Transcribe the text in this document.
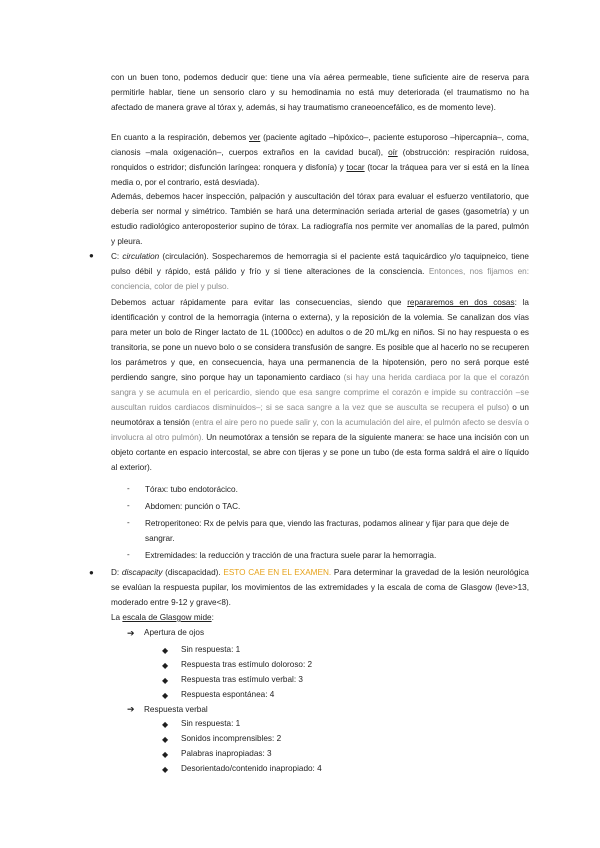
con un buen tono, podemos deducir que: tiene una vía aérea permeable, tiene suficiente aire de reserva para permitirle hablar, tiene un sensorio claro y su hemodinamia no está muy deteriorada (el traumatismo no ha afectado de manera grave al tórax y, además, si hay traumatismo craneoencefálico, es de momento leve).

En cuanto a la respiración, debemos ver (paciente agitado –hipóxico–, paciente estuporoso –hipercapnia–, coma, cianosis –mala oxigenación–, cuerpos extraños en la cavidad bucal), oír (obstrucción: respiración ruidosa, ronquidos o estridor; disfunción laríngea: ronquera y disfonía) y tocar (tocar la tráquea para ver si está en la línea media o, por el contrario, está desviada).

Además, debemos hacer inspección, palpación y auscultación del tórax para evaluar el esfuerzo ventilatorio, que debería ser normal y simétrico. También se hará una determinación seriada arterial de gases (gasometría) y un estudio radiológico anteroposterior supino de tórax. La radiografía nos permite ver anomalías de la pared, pulmón y pleura.

● C: circulation (circulación). Sospecharemos de hemorragia si el paciente está taquicárdico y/o taquipneico, tiene pulso débil y rápido, está pálido y frío y si tiene alteraciones de la consciencia. Entonces, nos fijamos en: conciencia, color de piel y pulso.

Debemos actuar rápidamente para evitar las consecuencias, siendo que repararemos en dos cosas: la identificación y control de la hemorragia (interna o externa), y la reposición de la volemia. Se canalizan dos vías para meter un bolo de Ringer lactato de 1L (1000cc) en adultos o de 20 mL/kg en niños. Si no hay respuesta o es transitoria, se pone un nuevo bolo o se considera transfusión de sangre. Es posible que al hacerlo no se recuperen los parámetros y que, en consecuencia, haya una permanencia de la hipotensión, pero no será porque esté perdiendo sangre, sino porque hay un taponamiento cardiaco (si hay una herida cardiaca por la que el corazón sangra y se acumula en el pericardio, siendo que esa sangre comprime el corazón e impide su contracción –se auscultan ruidos cardiacos disminuidos–; si se saca sangre a la vez que se ausculta se recupera el pulso) o un neumotórax a tensión (entra el aire pero no puede salir y, con la acumulación del aire, el pulmón afecto se desvía o involucra al otro pulmón). Un neumotórax a tensión se repara de la siguiente manera: se hace una incisión con un objeto cortante en espacio intercostal, se abre con tijeras y se pone un tubo (de esta forma saldrá el aire o líquido al exterior).

- Tórax: tubo endotorácico.
- Abdomen: punción o TAC.
- Retroperitoneo: Rx de pelvis para que, viendo las fracturas, podamos alinear y fijar para que deje de sangrar.
- Extremidades: la reducción y tracción de una fractura suele parar la hemorragia.
● D: discapacity (discapacidad). ESTO CAE EN EL EXAMEN. Para determinar la gravedad de la lesión neurológica se evalúan la respuesta pupilar, los movimientos de las extremidades y la escala de coma de Glasgow (leve>13, moderado entre 9-12 y grave<8).

La escala de Glasgow mide:

➔ Apertura de ojos
◆ Sin respuesta: 1
◆ Respuesta tras estímulo doloroso: 2
◆ Respuesta tras estímulo verbal: 3
◆ Respuesta espontánea: 4
➔ Respuesta verbal
◆ Sin respuesta: 1
◆ Sonidos incomprensibles: 2
◆ Palabras inapropiadas: 3
◆ Desorientado/contenido inapropiado: 4
